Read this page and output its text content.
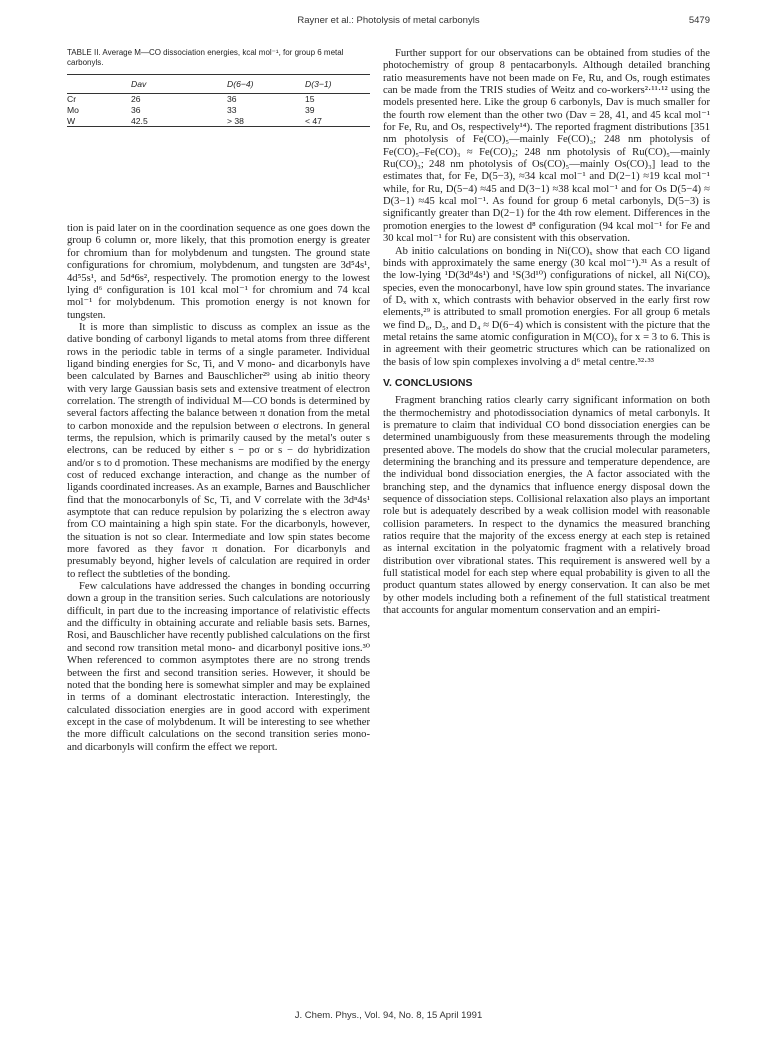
Rayner et al.: Photolysis of metal carbonyls	5479
TABLE II. Average M—CO dissociation energies, kcal mol⁻¹, for group 6 metal carbonyls.
	Dav	D(6−4)	D(3−1)
Cr	26	36	15
Mo	36	33	39
W	42.5	> 38	< 47

tion is paid later on in the coordination sequence as one goes down the group 6 column or, more likely, that this promotion energy is greater for chromium than for molybdenum and tungsten. The ground state configurations for chromium, molybdenum, and tungsten are 3d⁵4s¹, 4d⁵5s¹, and 5d⁴6s², respectively. The promotion energy to the lowest lying d⁶ configuration is 101 kcal mol⁻¹ for chromium and 74 kcal mol⁻¹ for molybdenum. This promotion energy is not known for tungsten.

It is more than simplistic to discuss as complex an issue as the dative bonding of carbonyl ligands to metal atoms from three different rows in the periodic table in terms of a single parameter. Individual ligand binding energies for Sc, Ti, and V mono- and dicarbonyls have been calculated by Barnes and Bauschlicher²⁹ using ab initio theory with very large Gaussian basis sets and extensive treatment of electron correlation. The strength of individual M—CO bonds is determined by several factors affecting the balance between π donation from the metal to carbon monoxide and the repulsion between σ electrons. In general terms, the repulsion, which is primarily caused by the metal's outer s electrons, can be reduced by either s − pσ or s − dσ hybridization and/or s to d promotion. These mechanisms are modified by the energy cost of reduced exchange interaction, and change as the number of ligands coordinated increases. As an example, Barnes and Bauschlicher find that the monocarbonyls of Sc, Ti, and V correlate with the 3dⁿ4s¹ asymptote that can reduce repulsion by polarizing the s electron away from CO maintaining a high spin state. For the dicarbonyls, however, the situation is not so clear. Intermediate and low spin states become more favored as they favor π donation. For dicarbonyls and presumably beyond, higher levels of calculation are required in order to reflect the subtleties of the bonding.

Few calculations have addressed the changes in bonding occurring down a group in the transition series. Such calculations are notoriously difficult, in part due to the increasing importance of relativistic effects and the difficulty in obtaining accurate and reliable basis sets. Barnes, Rosi, and Bauschlicher have recently published calculations on the first and second row transition metal mono- and dicarbonyl positive ions.³⁰ When referenced to common asymptotes there are no strong trends between the first and second transition series. However, it should be noted that the bonding here is somewhat simpler and may be explained in terms of a dominant electrostatic interaction. Interestingly, the calculated dissociation energies are in good accord with experiment except in the case of molybdenum. It will be interesting to see whether the more difficult calculations on the second transition series mono- and dicarbonyls will confirm the effect we report.

Further support for our observations can be obtained from studies of the photochemistry of group 8 pentacarbonyls. Although detailed branching ratio measurements have not been made on Fe, Ru, and Os, rough estimates can be made from the TRIS studies of Weitz and co-workers²·¹¹·¹² using the models presented here. Like the group 6 carbonyls, Dav is much smaller for the fourth row element than the other two (Dav = 28, 41, and 45 kcal mol⁻¹ for Fe, Ru, and Os, respectively¹⁴). The reported fragment distributions [351 nm photolysis of Fe(CO)₅—mainly Fe(CO)₃; 248 nm photolysis of Fe(CO)₅–Fe(CO)₃ ≈ Fe(CO)₂; 248 nm photolysis of Ru(CO)₅—mainly Ru(CO)₃; 248 nm photolysis of Os(CO)₅—mainly Os(CO)₃] lead to the estimates that, for Fe, D(5−3), ≈34 kcal mol⁻¹ and D(2−1) ≈19 kcal mol⁻¹ while, for Ru, D(5−4) ≈45 and D(3−1) ≈38 kcal mol⁻¹ and for Os D(5−4) ≈ D(3−1) ≈45 kcal mol⁻¹. As found for group 6 metal carbonyls, D(5−3) is significantly greater than D(2−1) for the 4th row element. Differences in the promotion energies to the lowest d⁸ configuration (94 kcal mol⁻¹ for Fe and 30 kcal mol⁻¹ for Ru) are consistent with this observation.

Ab initio calculations on bonding in Ni(CO)ₓ show that each CO ligand binds with approximately the same energy (30 kcal mol⁻¹).³¹ As a result of the low-lying ¹D(3d⁹4s¹) and ¹S(3d¹⁰) configurations of nickel, all Ni(CO)ₓ species, even the monocarbonyl, have low spin ground states. The invariance of Dₓ with x, which contrasts with behavior observed in the early first row elements,²⁹ is attributed to small promotion energies. For all group 6 metals we find D₆, D₅, and D₄ ≈ D(6−4) which is consistent with the picture that the metal retains the same atomic configuration in M(CO)ₓ for x = 3 to 6. This is in agreement with their geometric structures which can be rationalized on the basis of low spin complexes involving a d⁶ metal centre.³²·³³

V. CONCLUSIONS

Fragment branching ratios clearly carry significant information on both the thermochemistry and photodissociation dynamics of metal carbonyls. It is premature to claim that individual CO bond dissociation energies can be determined unambiguously from these measurements through the modeling presented above. The models do show that the crucial molecular parameters, determining the branching and its pressure and temperature dependence, are the individual bond dissociation energies, the A factor associated with the branching step, and the dynamics that influence energy disposal down the sequence of dissociation steps. Collisional relaxation also plays an important role but is adequately described by a weak collision model with reasonable collision parameters. In respect to the dynamics the measured branching ratios require that the majority of the excess energy at each step is retained as internal excitation in the polyatomic fragment with a relatively broad distribution over vibrational states. This requirement is answered well by a full statistical model for each step where equal probability is given to all the product quantum states allowed by energy conservation. It can also be met by other models including both a refinement of the full statistical treatment that accounts for angular momentum conservation and an empiri-

J. Chem. Phys., Vol. 94, No. 8, 15 April 1991
